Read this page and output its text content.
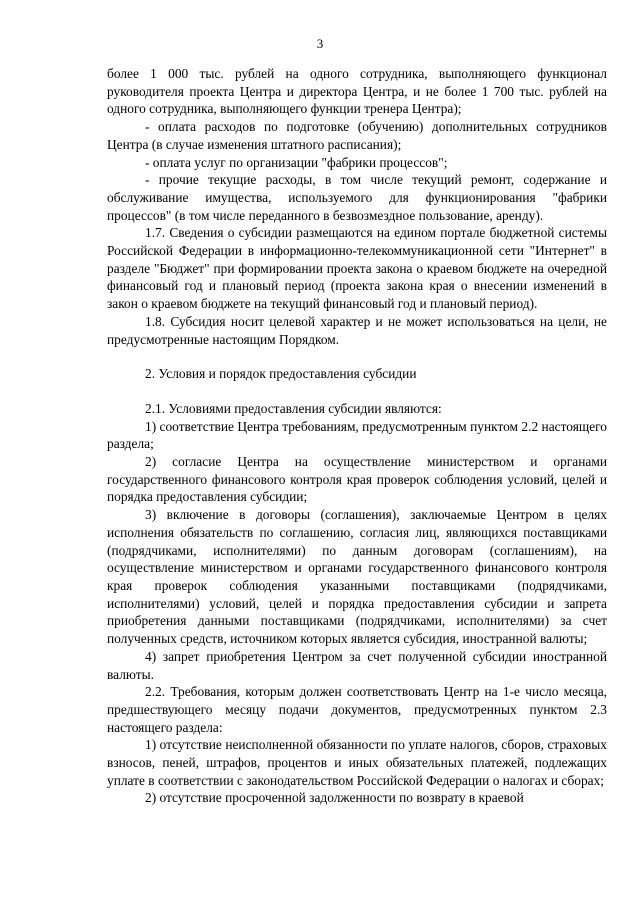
3

более 1 000 тыс. рублей на одного сотрудника, выполняющего функционал руководителя проекта Центра и директора Центра, и не более 1 700 тыс. рублей на одного сотрудника, выполняющего функции тренера Центра);

- оплата расходов по подготовке (обучению) дополнительных сотрудников Центра (в случае изменения штатного расписания);

- оплата услуг по организации "фабрики процессов";

- прочие текущие расходы, в том числе текущий ремонт, содержание и обслуживание имущества, используемого для функционирования "фабрики процессов" (в том числе переданного в безвозмездное пользование, аренду).

1.7. Сведения о субсидии размещаются на едином портале бюджетной системы Российской Федерации в информационно-телекоммуникационной сети "Интернет" в разделе "Бюджет" при формировании проекта закона о краевом бюджете на очередной финансовый год и плановый период (проекта закона края о внесении изменений в закон о краевом бюджете на текущий финансовый год и плановый период).

1.8. Субсидия носит целевой характер и не может использоваться на цели, не предусмотренные настоящим Порядком.

2. Условия и порядок предоставления субсидии

2.1. Условиями предоставления субсидии являются:

1) соответствие Центра требованиям, предусмотренным пунктом 2.2 настоящего раздела;

2) согласие Центра на осуществление министерством и органами государственного финансового контроля края проверок соблюдения условий, целей и порядка предоставления субсидии;

3) включение в договоры (соглашения), заключаемые Центром в целях исполнения обязательств по соглашению, согласия лиц, являющихся поставщиками (подрядчиками, исполнителями) по данным договорам (соглашениям), на осуществление министерством и органами государственного финансового контроля края проверок соблюдения указанными поставщиками (подрядчиками, исполнителями) условий, целей и порядка предоставления субсидии и запрета приобретения данными поставщиками (подрядчиками, исполнителями) за счет полученных средств, источником которых является субсидия, иностранной валюты;

4) запрет приобретения Центром за счет полученной субсидии иностранной валюты.

2.2. Требования, которым должен соответствовать Центр на 1-е число месяца, предшествующего месяцу подачи документов, предусмотренных пунктом 2.3 настоящего раздела:

1) отсутствие неисполненной обязанности по уплате налогов, сборов, страховых взносов, пеней, штрафов, процентов и иных обязательных платежей, подлежащих уплате в соответствии с законодательством Российской Федерации о налогах и сборах;

2) отсутствие просроченной задолженности по возврату в краевой
